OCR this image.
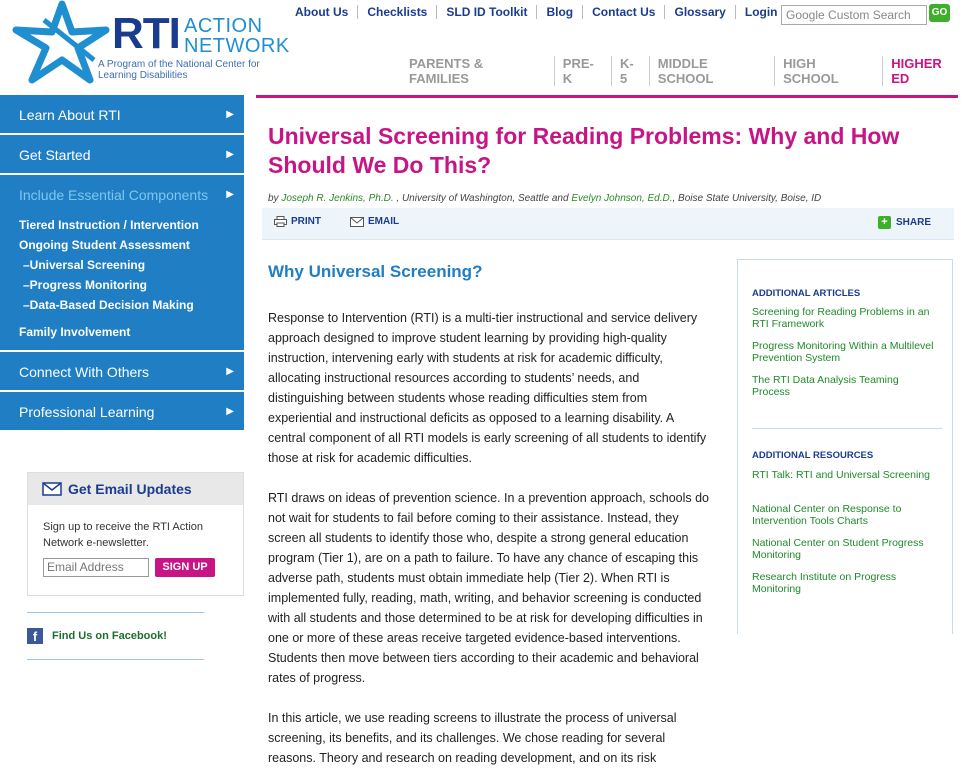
RTI ACTION
NETWORK
A Program of the National Center for Learning Disabilities
About Us	Checklists	SLD ID Toolkit	Blog	Contact Us	Glossary	Login Google Custom Search	GO
PARENTS & FAMILIES
PRE-K
K-5
MIDDLE SCHOOL
HIGH SCHOOL
HIGHER ED
Learn About RTI	▶
Get Started	▶
Include Essential Components ▶
Tiered Instruction / Intervention
Ongoing Student Assessment
–Universal Screening
–Progress Monitoring
–Data-Based Decision Making
Family Involvement
Connect With Others	▶
Professional Learning	▶
Get Email Updates
Sign up to receive the RTI Action Network e-newsletter.
Email Address	SIGN UP
f	Find Us on Facebook!
Universal Screening for Reading Problems: Why and How Should We Do This?
by Joseph R. Jenkins, Ph.D. , University of Washington, Seattle and Evelyn Johnson, Ed.D., Boise State University, Boise, ID
PRINT	EMAIL	+ SHARE
Why Universal Screening?

Response to Intervention (RTI) is a multi-tier instructional and service delivery approach designed to improve student learning by providing high-quality instruction, intervening early with students at risk for academic difficulty, allocating instructional resources according to students’ needs, and distinguishing between students whose reading difficulties stem from experiential and instructional deficits as opposed to a learning disability. A central component of all RTI models is early screening of all students to identify those at risk for academic difficulties.

RTI draws on ideas of prevention science. In a prevention approach, schools do not wait for students to fail before coming to their assistance. Instead, they screen all students to identify those who, despite a strong general education program (Tier 1), are on a path to failure. To have any chance of escaping this adverse path, students must obtain immediate help (Tier 2). When RTI is implemented fully, reading, math, writing, and behavior screening is conducted with all students and those determined to be at risk for developing difficulties in one or more of these areas receive targeted evidence-based interventions. Students then move between tiers according to their academic and behavioral rates of progress.

In this article, we use reading screens to illustrate the process of universal screening, its benefits, and its challenges. We chose reading for several reasons. Theory and research on reading development, and on its risk

ADDITIONAL ARTICLES
Screening for Reading Problems in an RTI Framework
Progress Monitoring Within a Multilevel Prevention System
The RTI Data Analysis Teaming Process
ADDITIONAL RESOURCES
RTI Talk: RTI and Universal Screening
National Center on Response to Intervention Tools Charts
National Center on Student Progress Monitoring
Research Institute on Progress Monitoring
